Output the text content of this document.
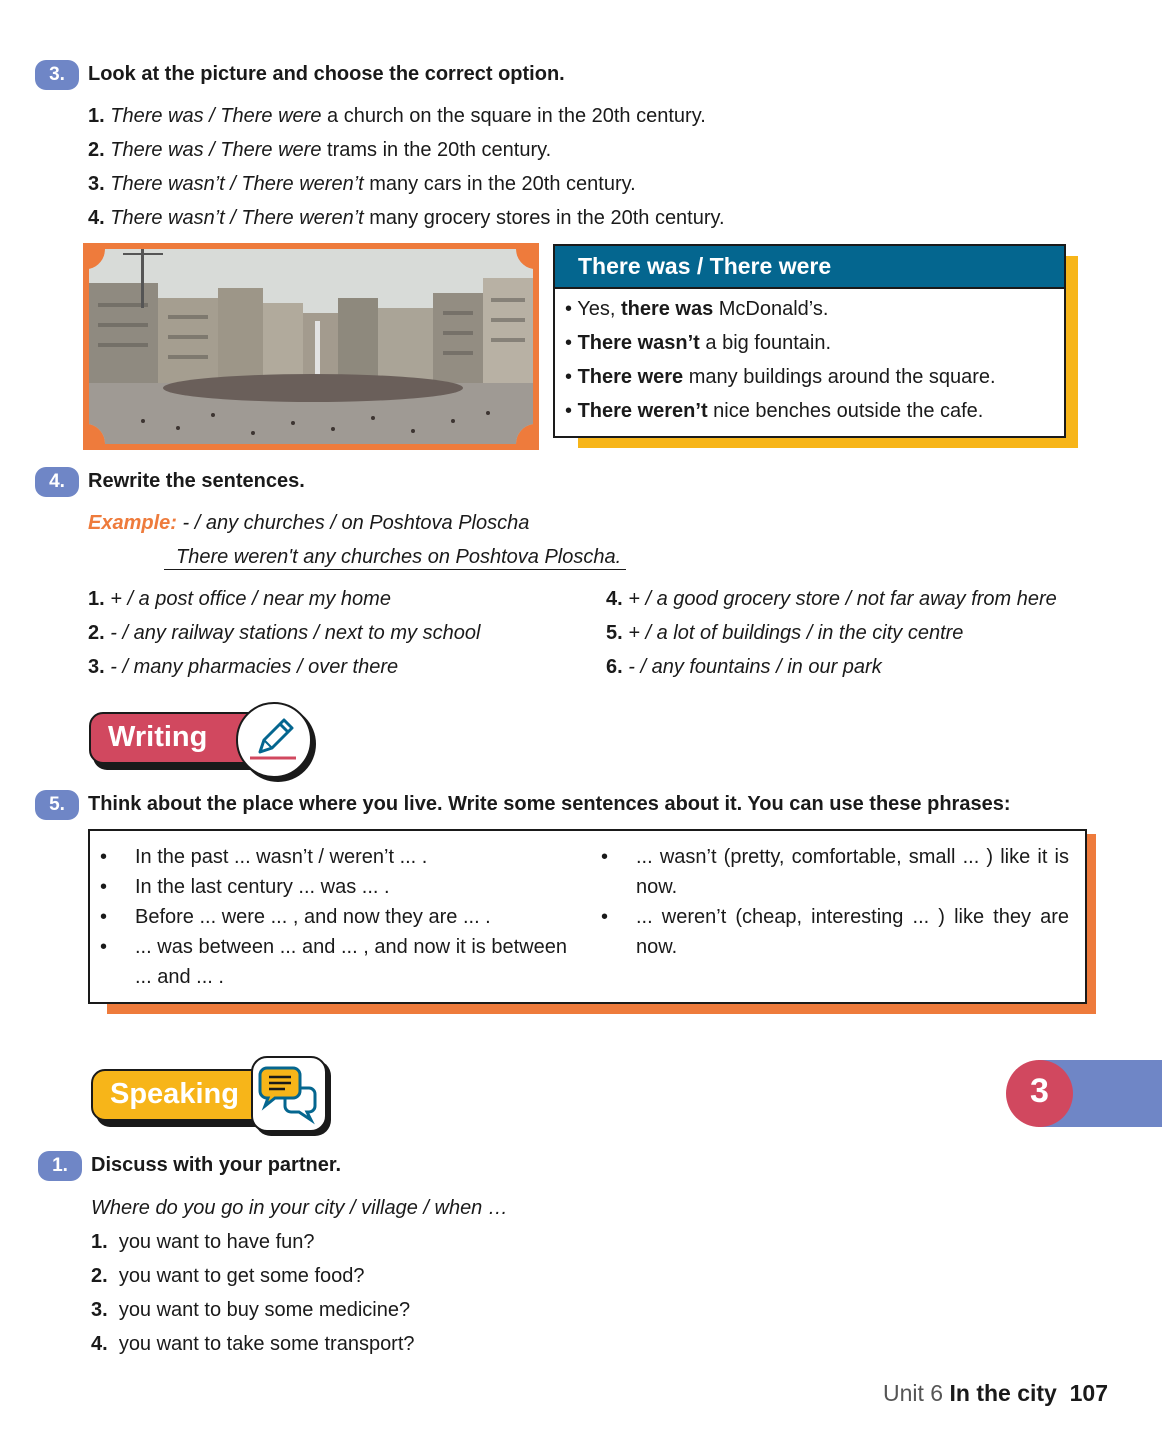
3.	Look at the picture and choose the correct option.
1. There was / There were a church on the square in the 20th century.
2. There was / There were trams in the 20th century.
3. There wasn’t / There weren’t many cars in the 20th century.
4. There wasn’t / There weren’t many grocery stores in the 20th century.
There was / There were
• Yes, there was McDonald’s.
• There wasn’t a big fountain.
• There were many buildings around the square.
• There weren’t nice benches outside the cafe.
4.	Rewrite the sentences.
Example: - / any churches / on Poshtova Ploscha
There weren't any churches on Poshtova Ploscha.
1. + / a post office / near my home
2. - / any railway stations / next to my school
3. - / many pharmacies / over there
4. + / a good grocery store / not far away from here
5. + / a lot of buildings / in the city centre
6. - / any fountains / in our park
Writing
5.	Think about the place where you live. Write some sentences about it. You can use these phrases:
• In the past ... wasn’t / weren’t ... .
• In the last century ... was ... .
• Before ... were ... , and now they are ... .
• ... was between ... and ... , and now it is between ... and ... .
• ... wasn’t (pretty, comfortable, small ... ) like it is now.
• ... weren’t (cheap, interesting ... ) like they are now.
Speaking	3
1.	Discuss with your partner.
Where do you go in your city / village / when …
1. you want to have fun?
2. you want to get some food?
3. you want to buy some medicine?
4. you want to take some transport?
Unit 6 In the city 107
